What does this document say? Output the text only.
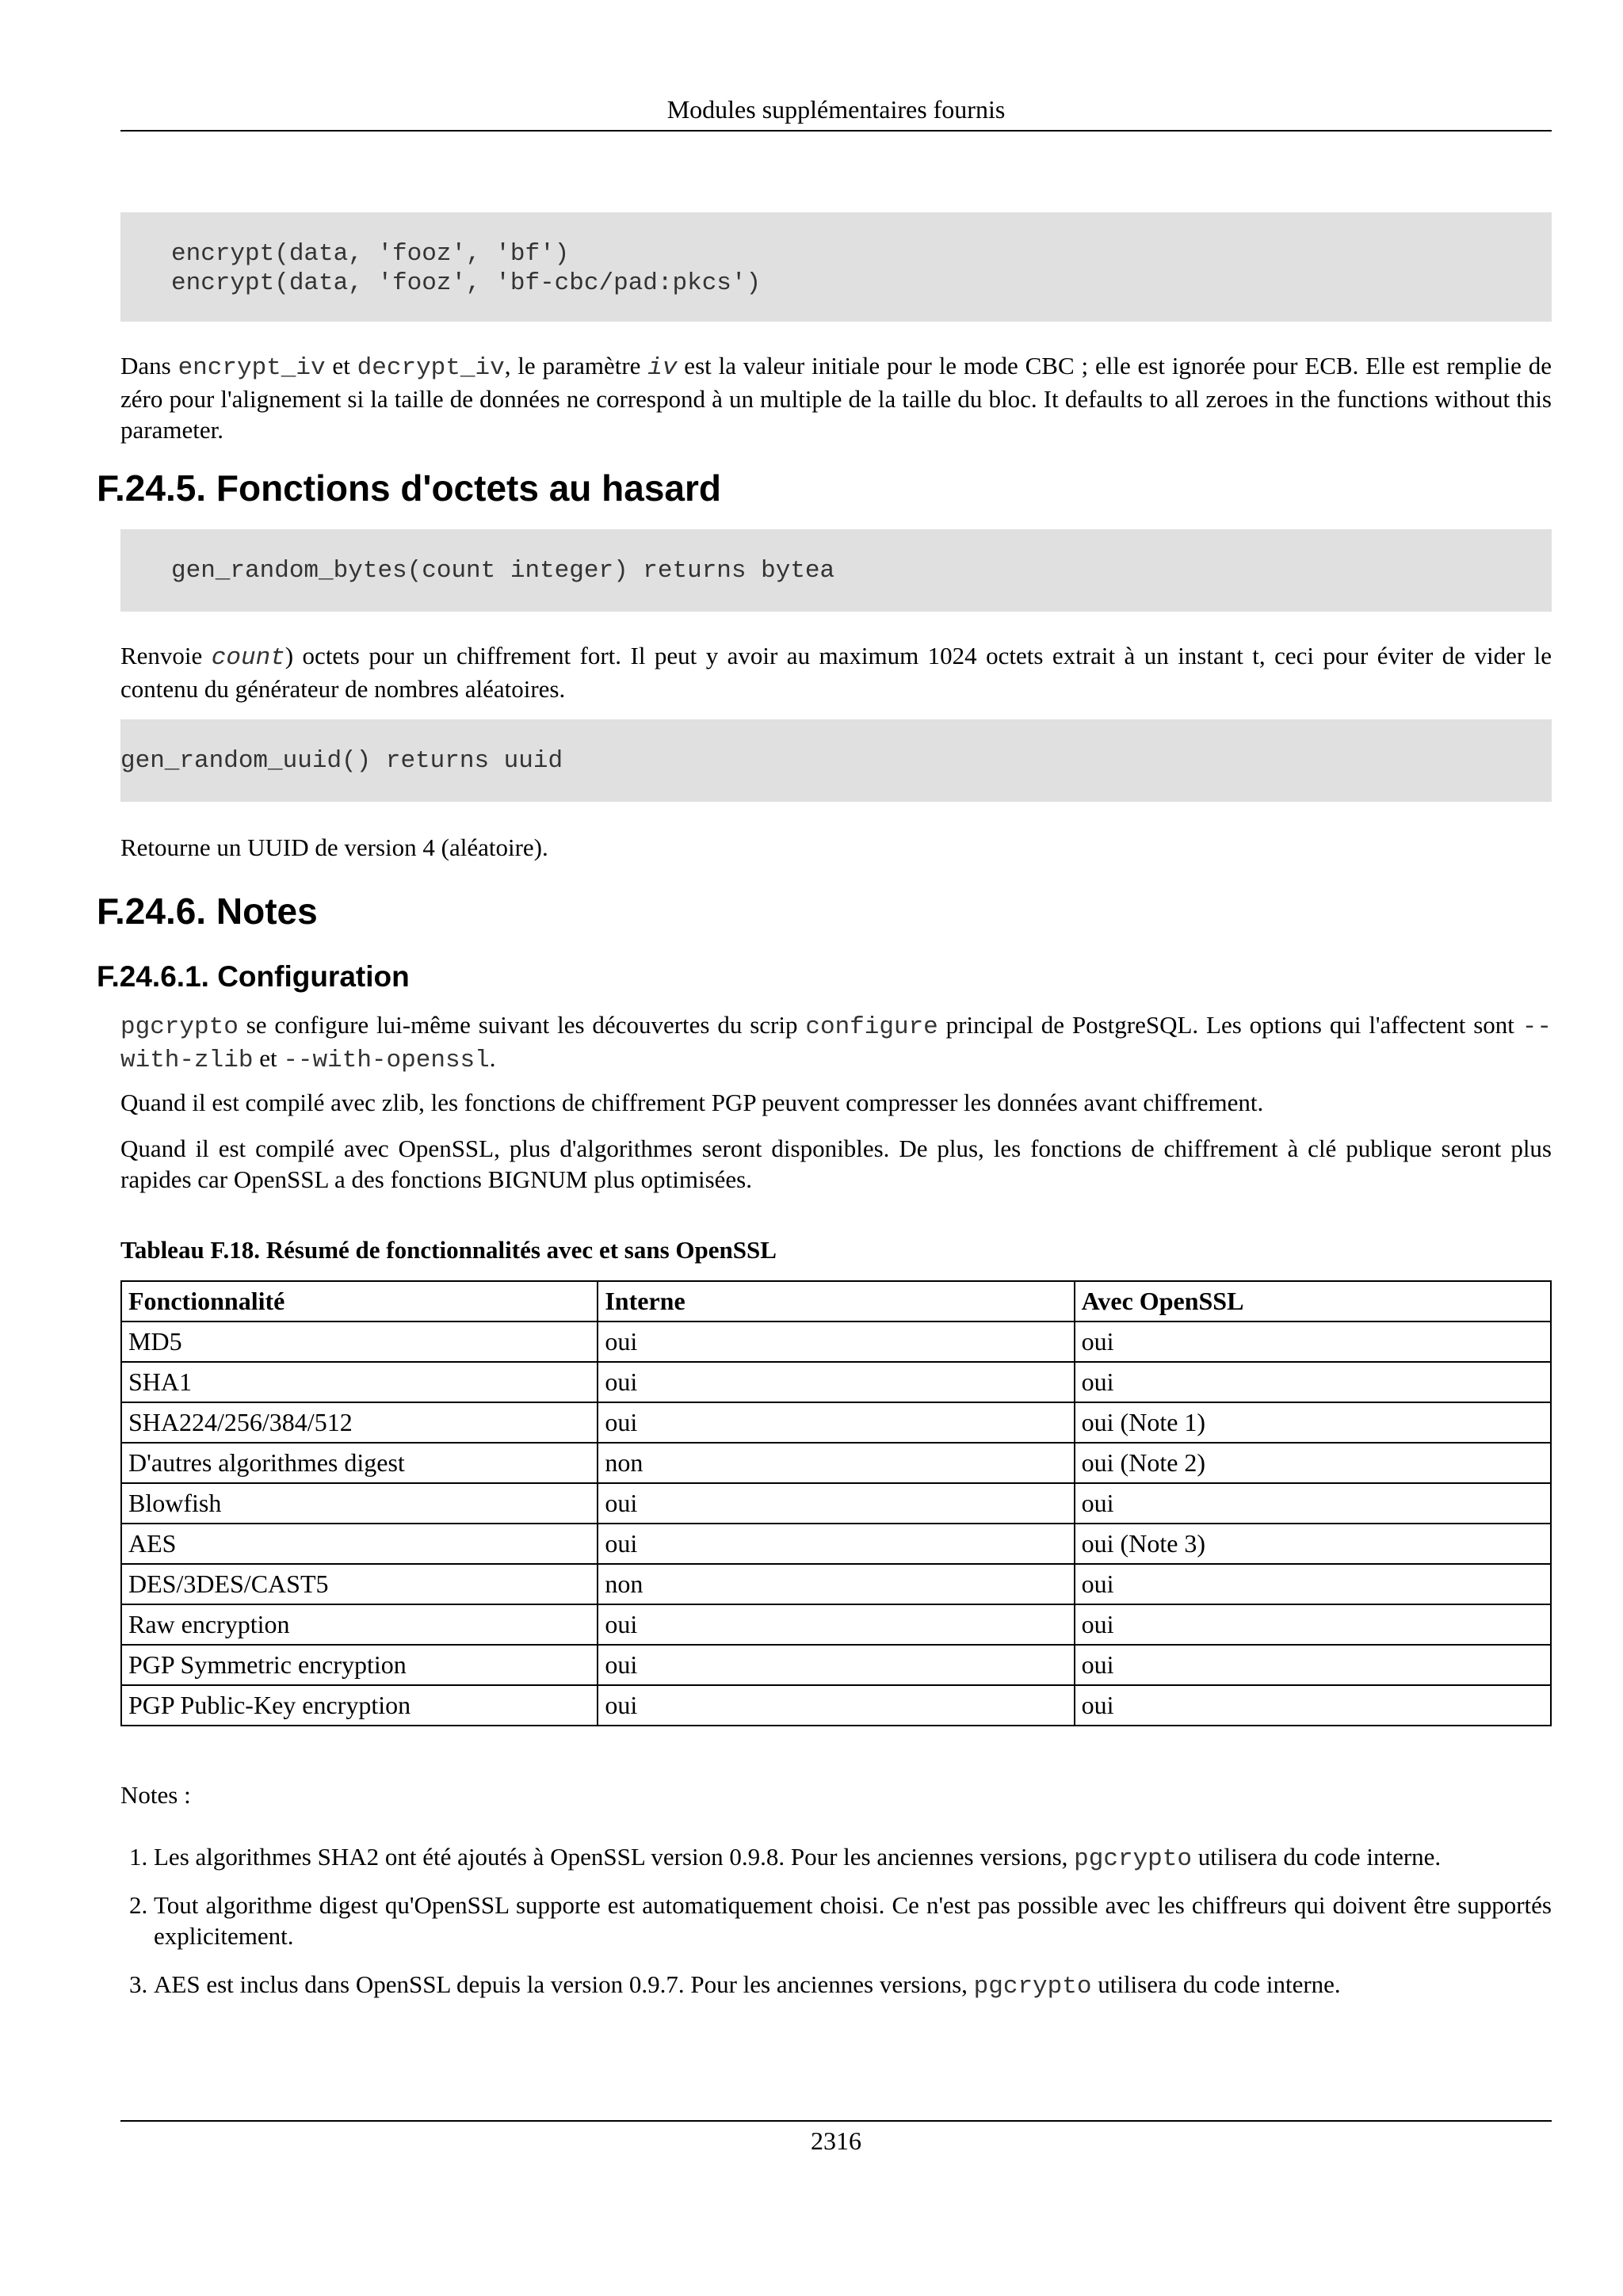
Modules supplémentaires fournis
encrypt(data, 'fooz', 'bf')
encrypt(data, 'fooz', 'bf-cbc/pad:pkcs')
Dans encrypt_iv et decrypt_iv, le paramètre iv est la valeur initiale pour le mode CBC ; elle est ignorée pour ECB. Elle est remplie de zéro pour l'alignement si la taille de données ne correspond à un multiple de la taille du bloc. It defaults to all zeroes in the functions without this parameter.
F.24.5. Fonctions d'octets au hasard
gen_random_bytes(count integer) returns bytea
Renvoie count) octets pour un chiffrement fort. Il peut y avoir au maximum 1024 octets extrait à un instant t, ceci pour éviter de vider le contenu du générateur de nombres aléatoires.
gen_random_uuid() returns uuid
Retourne un UUID de version 4 (aléatoire).
F.24.6. Notes
F.24.6.1. Configuration
pgcrypto se configure lui-même suivant les découvertes du scrip configure principal de PostgreSQL. Les options qui l'affectent sont --with-zlib et --with-openssl.
Quand il est compilé avec zlib, les fonctions de chiffrement PGP peuvent compresser les données avant chiffrement.
Quand il est compilé avec OpenSSL, plus d'algorithmes seront disponibles. De plus, les fonctions de chiffrement à clé publique seront plus rapides car OpenSSL a des fonctions BIGNUM plus optimisées.
Tableau F.18. Résumé de fonctionnalités avec et sans OpenSSL
Fonctionnalité	Interne	Avec OpenSSL
MD5	oui	oui
SHA1	oui	oui
SHA224/256/384/512	oui	oui (Note 1)
D'autres algorithmes digest	non	oui (Note 2)
Blowfish	oui	oui
AES	oui	oui (Note 3)
DES/3DES/CAST5	non	oui
Raw encryption	oui	oui
PGP Symmetric encryption	oui	oui
PGP Public-Key encryption	oui	oui
Notes :
1. Les algorithmes SHA2 ont été ajoutés à OpenSSL version 0.9.8. Pour les anciennes versions, pgcrypto utilisera du code interne.
2. Tout algorithme digest qu'OpenSSL supporte est automatiquement choisi. Ce n'est pas possible avec les chiffreurs qui doivent être supportés explicitement.
3. AES est inclus dans OpenSSL depuis la version 0.9.7. Pour les anciennes versions, pgcrypto utilisera du code interne.
2316
